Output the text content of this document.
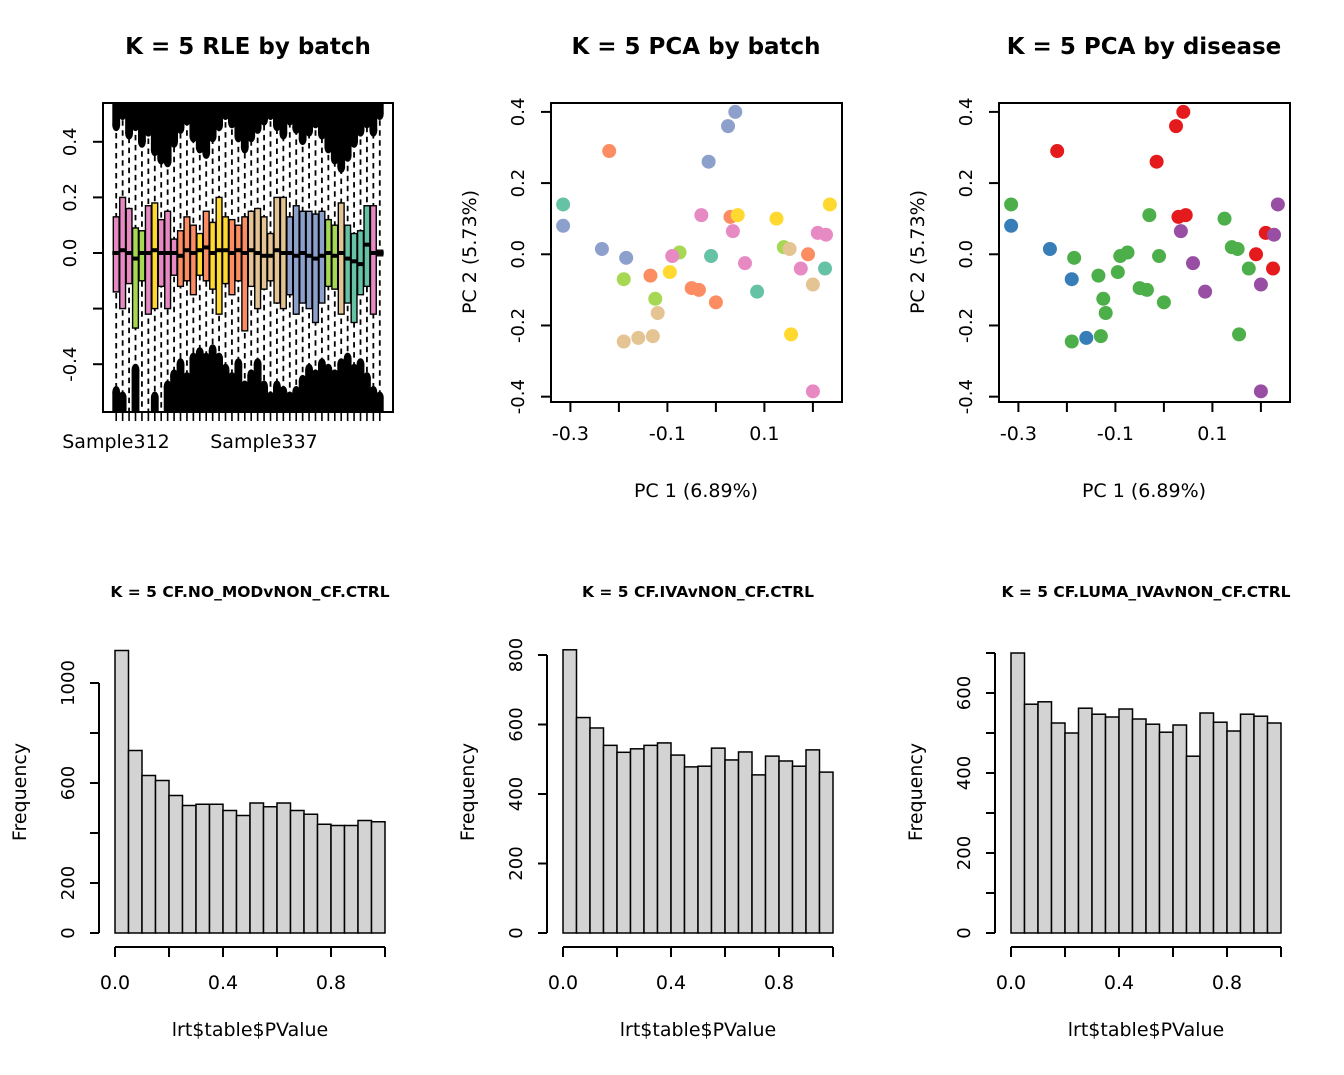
-0.4
0.0
0.2
0.4
-0.3	-0.1	0.1
-0.4
-0.2
0.0
0.2
0.4
-0.3	-0.1	0.1
-0.4
-0.2
0.0
0.2
0.4
0
200
600
1000
0.0	0.4	0.8
0
200
400
600
800
0.0	0.4	0.8
0
200
400
600
0.0	0.4	0.8
K = 5 RLE by batch	K = 5 PCA by batch	K = 5 PCA by disease
K = 5 CF.NO_MODvNON_CF.CTRL	K = 5 CF.IVAvNON_CF.CTRL	K = 5 CF.LUMA_IVAvNON_CF.CTRL
Sample312 Sample337
PC 1 (6.89%)	PC 1 (6.89%)
PC 2 (5.73%)	PC 2 (5.73%)
Frequency	Frequency	Frequency
lrt$table$PValue	lrt$table$PValue	lrt$table$PValue
